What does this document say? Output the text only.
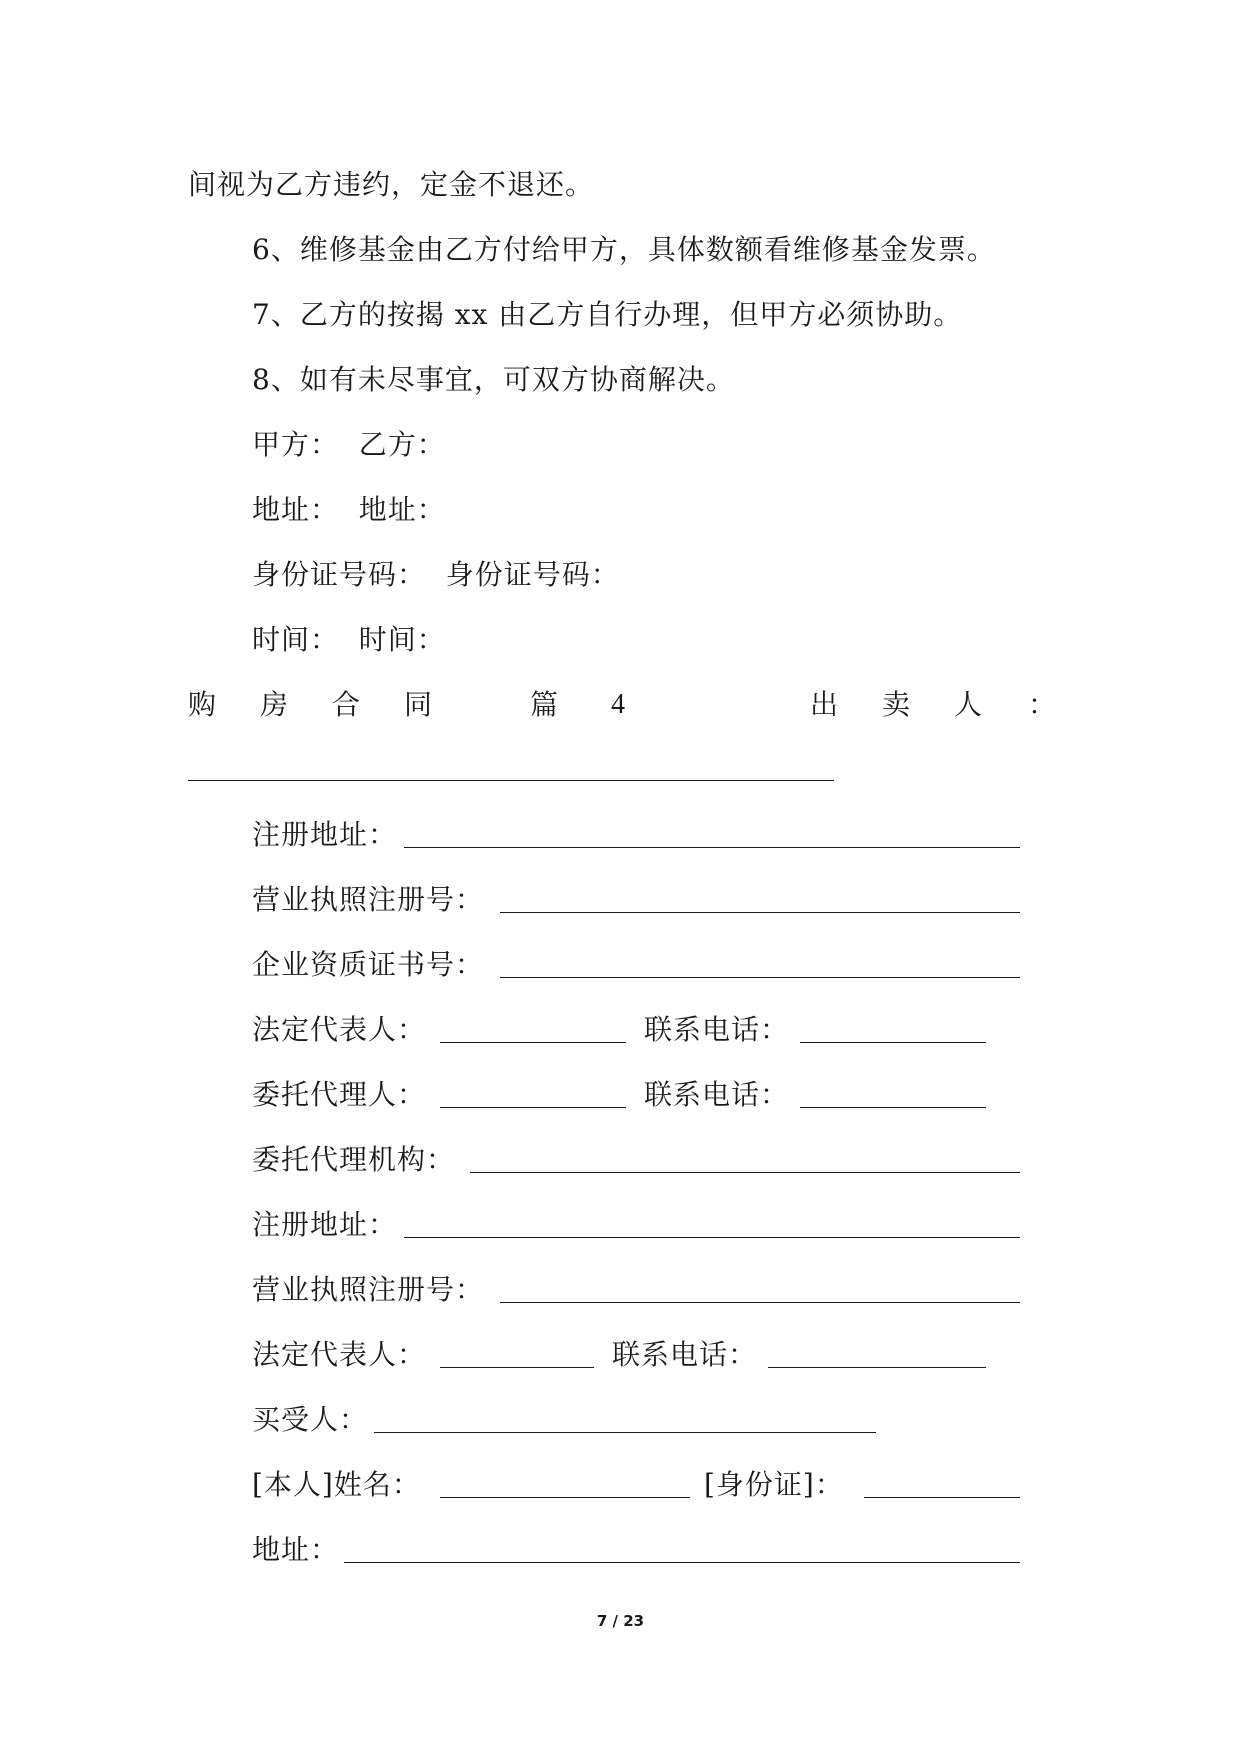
间视为乙方违约，定金不退还。
6、维修基金由乙方付给甲方，具体数额看维修基金发票。
7、乙方的按揭 xx 由乙方自行办理，但甲方必须协助。
8、如有未尽事宜，可双方协商解决。
甲方：  乙方：
地址：  地址：
身份证号码：  身份证号码：
时间：  时间：
购 房 合 同	篇 4	出 卖 人 ：
注册地址：
营业执照注册号：
企业资质证书号：
法定代表人：	联系电话：
委托代理人：	联系电话：
委托代理机构：
注册地址：
营业执照注册号：
法定代表人：	联系电话：
买受人：
[本人]姓名：	[身份证]：
地址：
7 / 23
